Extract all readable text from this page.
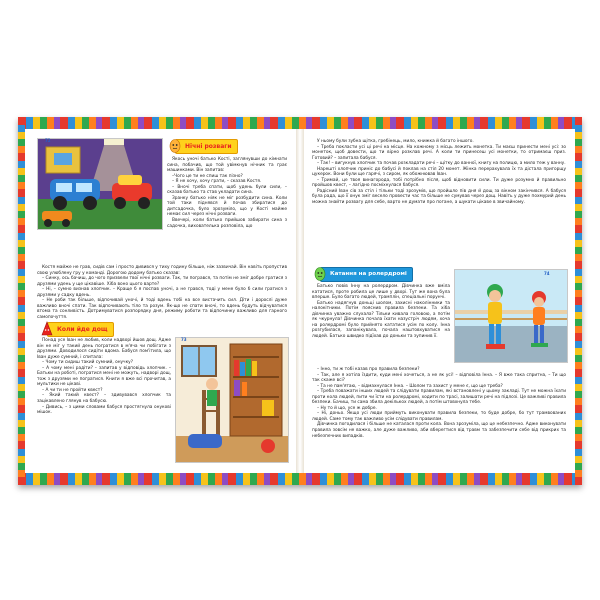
72
Нічні розваги

Якось уночі батько Кості, заглянувши до кімнати сина, побачив, що той увімкнув нічник та грає машинками. Він запитав:

–Чого це ти не спиш так пізно?

– Я не хочу, хочу грати, – сказав Костя.

– Вночі треба спати, щоб удень були сили, – сказав батько та став укладати сина.

Зранку батько ніяк не міг розбудити сина. Коли той таки піднявся й почав збиратися до дитсадочка, було зрозуміло, що у Кості майже немає сил через нічні розваги.

Ввечері, коли батько прийшов забирати сина з садочка, вихователька розповіла, що

Костя майже не грав, сидів сам і просто дивився у тиху годину більше, ніж зазвичай. Він навіть пропустив свою улюблену гру у команді. Дорогою додому батько сказав:

– Синку, ось бачиш, до чого призвели твої нічні розваги. Так, ти погрався, та потім не зміг добре гратися з друзями удень у ще цікавіше. Хіба воно цього варте?

– Ні, – сумно визнав хлопчик. – Краще б я поспав уночі, а не грався, тоді у мене було б сили гратися з друзями у садку вдень.

– Не роби так більше, відпочивай уночі, й тоді вдень тобі на все вистачить сил. Діти і дорослі дуже важливо вночі спати. Так відпочивають тіло та розум. Як-що не спати вночі, то вдень будуть відчуватися втома та сонливість. Дотримуватися розпорядку дня, режиму роботи та відпочинку важливо для гарного самопочуття.

Коли йде дощ
73

Понад усе Іван не любив, коли надворі йшов дощ. Адже він не міг у такий день погратися в м'яча чи побігати з друзями. Доводилося сидіти вдома. Бабуся пом'ітила, що Іван дуже сумний, і спитала:

– Чому ти сидиш такий сумний, онучку?

– А чому мені радіти? – запитав у відповідь хлопчик. – Батьки на роботі, погратися мені не можуть, надворі дощ, тож з друзями не погратися. Книги я вже всі прочитав, а мультики не цікаві.

– А чи ти не пройти квест?

– Який такий квест? – здивувався хлопчик та зацікавлено глянув на бабусю.

– Дивись, – з цими словами бабуся простягнула онукові мішок.

У ньому були зубна щітка, гребінець, мило, книжка й багато іншого.

– Треба покласти усі ці речі на місце. На кожному з місць лежить монетка. Ти маєш принести мені усі: зо монеток, щоб довести, що ти вірно розклав речі. А коли ти принесеш усі монетки, то отримаєш приз. Готовий? – запитала бабуся.

– Так! – вигукнув хлопчик та почав розкладати речі – щітку до ванної, книгу на полицю, а мило теж у ванну.

Нарешті хлопчик приніс до бабусі й поклав на стіл 20 монет. Жінка перерахувала їх та дістала пригорщу цукерок. Вони були ще гарячі, з сиром, як обожнював Іван.

– Тримай, це твоя винагорода, тобі потрібно після, щоб відновити сили. Ти дуже розумно й правильно пройшов квест, – лагідно посміхнулася бабуся.

Радісний Іван сів за стіл і тільки тоді зрозумів, що пройшло пів дня й дощ за вікном закінчився. А бабуся була рада, що її онук зміг весело провести час та більше не сумував через дощ. Навіть у дуже похмурий день можна знайти розвагу для себе, варто не думати про погане, а шукати цікаве в звичайному.

Катання на ролердромі	74

Батько повів Інну на ролердром. Дівчинка вже вміла кататися, проте робила це лише у дворі. Тут же вона була вперше. Було багато людей, трамплін, спеціальні порунчі.

Батько надягнув доньці шолом, захисні наколінники та налокітники. Потім пояснив правила безпеки. Та хіба дівчинка уважно слухала? Тільки кивала головою, а потім як чкурнула! Дівчинка почала їхати назустріч людям, хоча на ролердромі було прийнято кататися усім по колу. Інна розгубилася, запанікувала, почала наштовхуватися на людей. Батько швидко підїхав до доньки та зупинив її.

– Інно, ти ж тобі казав про правила безпеки?

– Так, але я хотіла їздити, куди мені хочеться, а не як усі! – відповіла Інна. – Я вже така спритна, – Ти що так скаже всі?

– Та не пам'ятаю, – відмахнулася Інна. – Шолом та захист у мене є, що ще треба?

– Треба поважати інших людей та слідувати правилам, які встановлені у цьому закладі. Тут не можна їхати проти кола людей, пити чи їсти на ролердромі, ходити по трасі, залишати речі на підлозі. Це важливі правила безпеки. Бачиш, ти сама збила декількох людей, а потім штовхнула тебе.

– Ну то й що, усе ж добре.

– Ні, доньо. Якщо усі люди приймуть виконувати правила безпеки, то буде добре, бо тут трамвованих людей. Саме тому так важливо усім слідувати правилам.

Дівчинка погодилася і більше не каталася проти кола. Вона зрозуміла, що це небезпечно. Адже виконувати правила зовсім не важко, але дуже важливо, аби вберегтися від травм та забезпечити себе від прикрих та небезпечних випадків.
